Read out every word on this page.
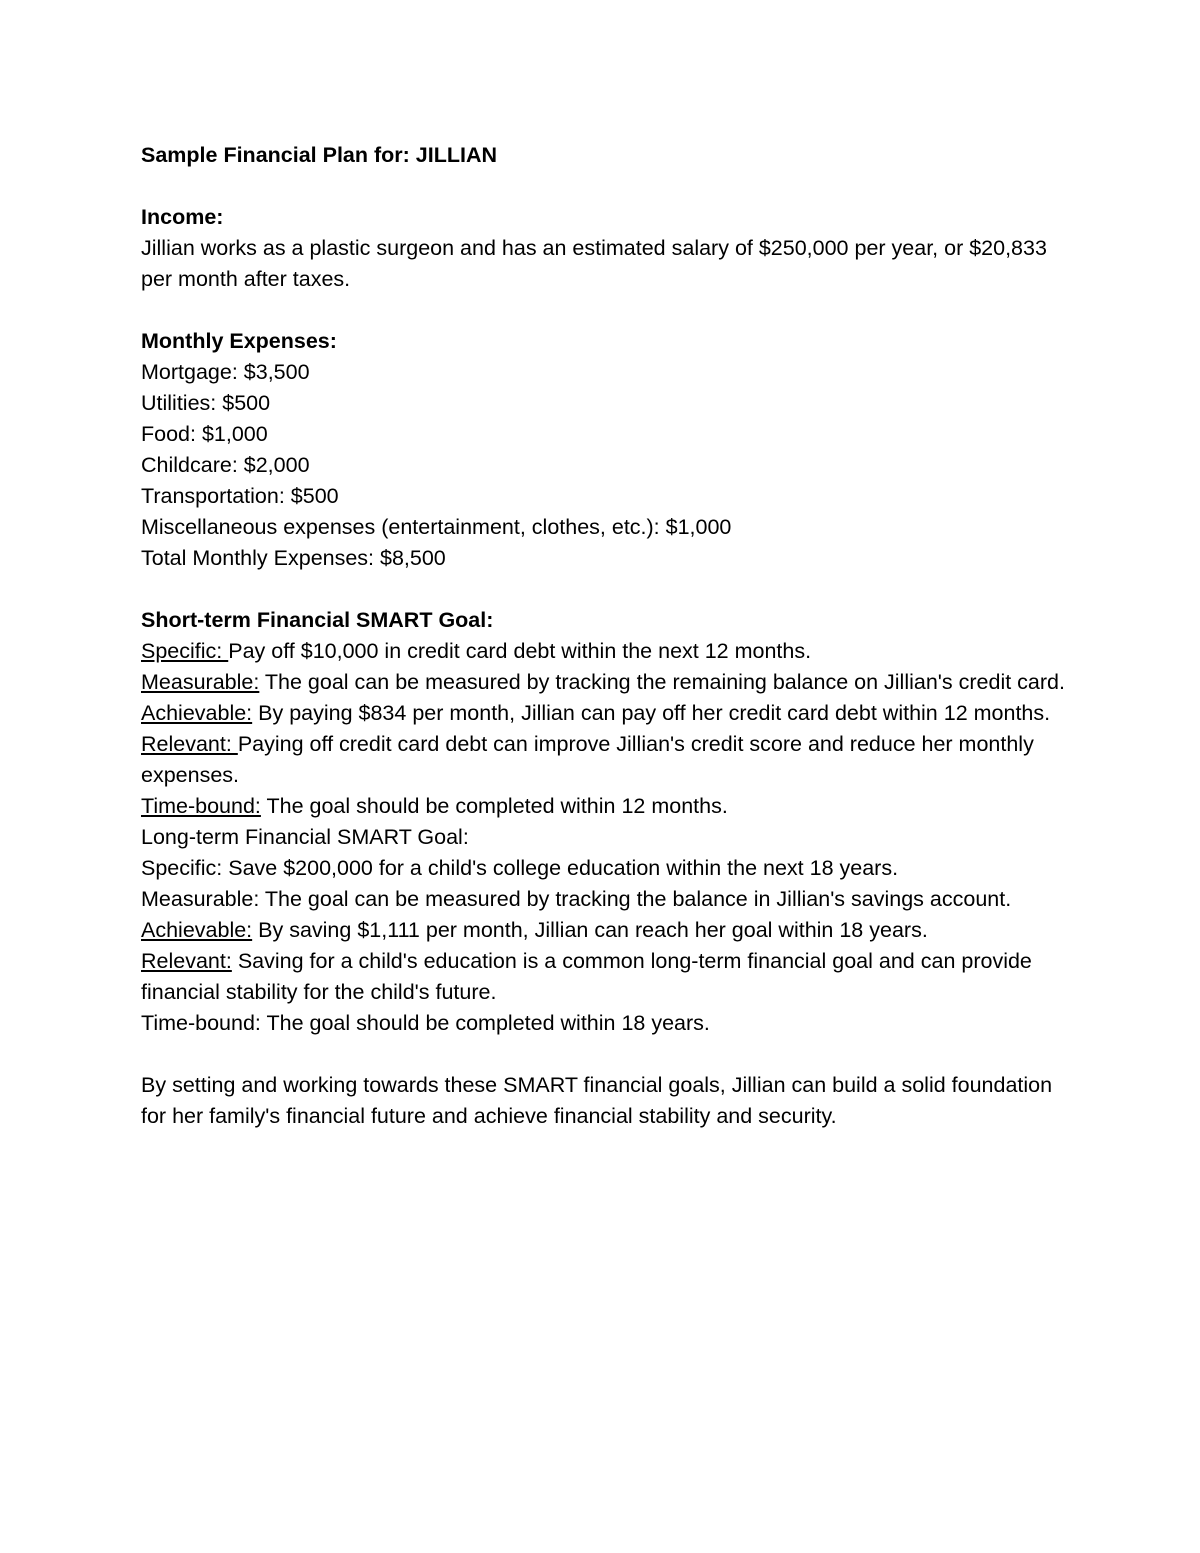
Sample Financial Plan for: JILLIAN

Income:

Jillian works as a plastic surgeon and has an estimated salary of $250,000 per year, or $20,833 per month after taxes.

Monthly Expenses:

Mortgage: $3,500

Utilities: $500

Food: $1,000

Childcare: $2,000

Transportation: $500

Miscellaneous expenses (entertainment, clothes, etc.): $1,000

Total Monthly Expenses: $8,500

Short-term Financial SMART Goal:

Specific: Pay off $10,000 in credit card debt within the next 12 months.

Measurable: The goal can be measured by tracking the remaining balance on Jillian's credit card.

Achievable: By paying $834 per month, Jillian can pay off her credit card debt within 12 months.

Relevant: Paying off credit card debt can improve Jillian's credit score and reduce her monthly expenses.

Time-bound: The goal should be completed within 12 months.

Long-term Financial SMART Goal:

Specific: Save $200,000 for a child's college education within the next 18 years.

Measurable: The goal can be measured by tracking the balance in Jillian's savings account.

Achievable: By saving $1,111 per month, Jillian can reach her goal within 18 years.

Relevant: Saving for a child's education is a common long-term financial goal and can provide financial stability for the child's future.

Time-bound: The goal should be completed within 18 years.

By setting and working towards these SMART financial goals, Jillian can build a solid foundation for her family's financial future and achieve financial stability and security.
